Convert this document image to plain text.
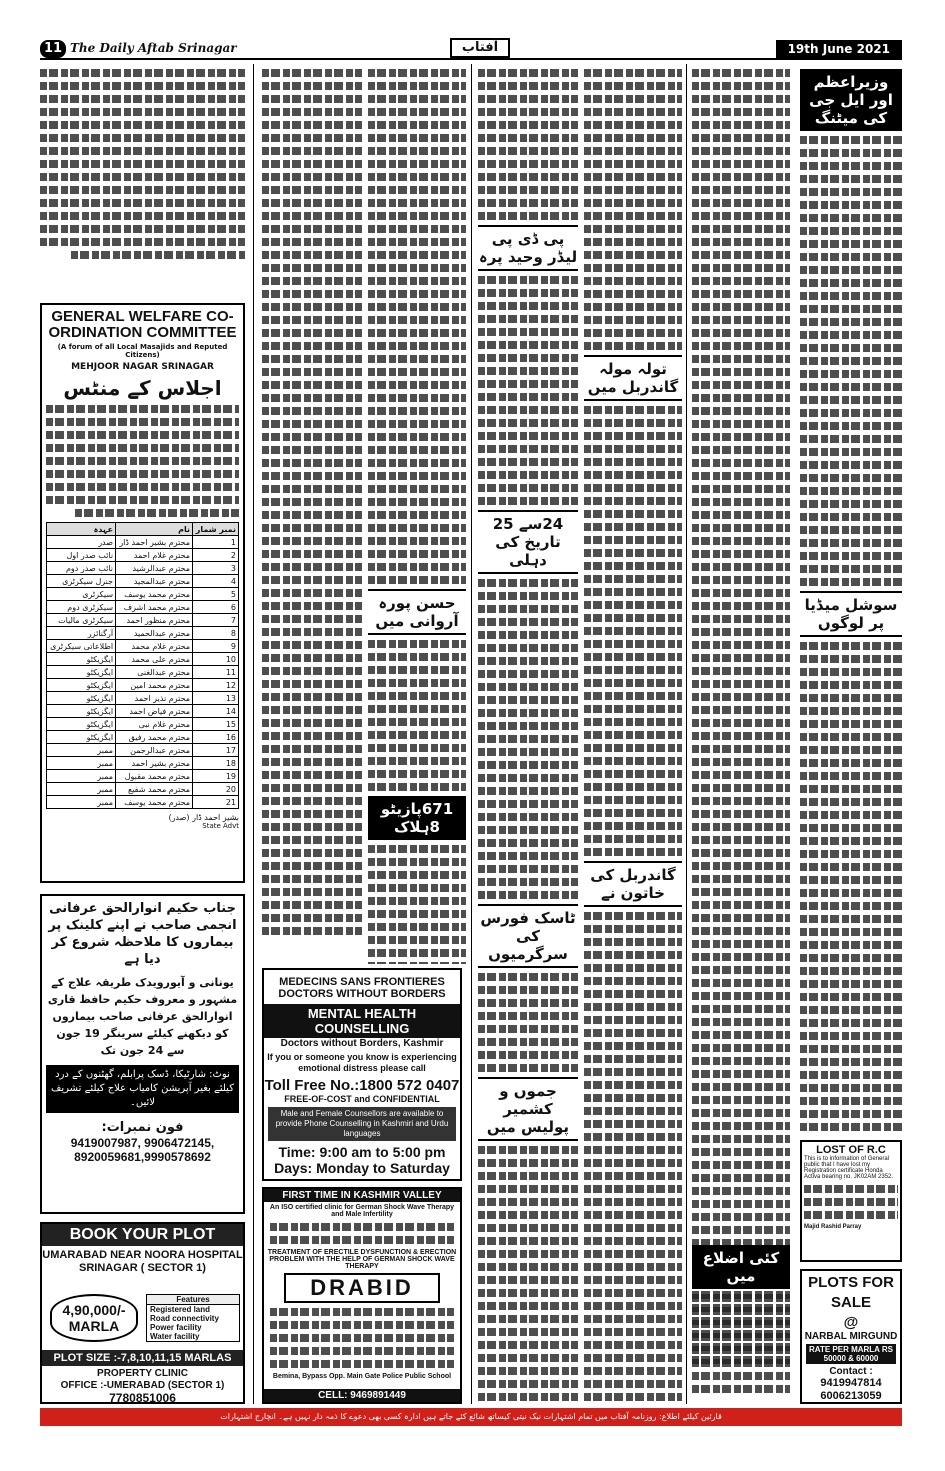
11 The Daily Aftab Srinagar	آفتاب	19th June 2021
GENERAL WELFARE CO-ORDINATION COMMITTEE
(A forum of all Local Masajids and Reputed Citizens)
MEHJOOR NAGAR SRINAGAR
اجلاس کے منٹس
نمبر شمار	نام	عہدہ
1	محترم بشیر احمد ڈار	صدر
2	محترم غلام احمد	نائب صدر اول
3	محترم عبدالرشید	نائب صدر دوم
4	محترم عبدالمجید	جنرل سیکرٹری
5	محترم محمد یوسف	سیکرٹری
6	محترم محمد اشرف	سیکرٹری دوم
7	محترم منظور احمد	سیکرٹری مالیات
8	محترم عبدالحمید	آرگنائزر
9	محترم غلام محمد	اطلاعاتی سیکرٹری
10	محترم علی محمد	ایگزیکٹو
11	محترم عبدالغنی	ایگزیکٹو
12	محترم محمد امین	ایگزیکٹو
13	محترم نذیر احمد	ایگزیکٹو
14	محترم فیاض احمد	ایگزیکٹو
15	محترم غلام نبی	ایگزیکٹو
16	محترم محمد رفیق	ایگزیکٹو
17	محترم عبدالرحمن	ممبر
18	محترم بشیر احمد	ممبر
19	محترم محمد مقبول	ممبر
20	محترم محمد شفیع	ممبر
21	محترم محمد یوسف	ممبر
بشیر احمد ڈار (صدر)
State Advt
جناب حکیم انوارالحق عرفانی انجمی صاحب نے اپنے کلینک پر بیماروں کا ملاحظہ شروع کر دیا ہے
یونانی و آیورویدک طریقہ علاج کے مشہور و معروف حکیم حافظ قاری انوارالحق عرفانی صاحب بیماروں کو دیکھنے کیلئے سرینگر 19 جون سے 24 جون تک
نوٹ: شارٹیکا، ڈسک پرابلم، گھٹنوں کے درد کیلئے بغیر آپریشن کامیاب علاج کیلئے تشریف لائیں۔
فون نمبرات:
9419007987, 9906472145, 8920059681,9990578692
BOOK YOUR PLOT
UMARABAD NEAR NOORA HOSPITAL SRINAGAR ( SECTOR 1)
4,90,000/-
MARLA
Features
Registered land
Road connectivity
Power facility
Water facility
PLOT SIZE :-7,8,10,11,15 MARLAS
PROPERTY CLINIC
OFFICE :-UMERABAD (SECTOR 1)
7780851006
حسن پورہ آروانی میں
671پازیٹو 8ہلاک
MEDECINS SANS FRONTIERES
DOCTORS WITHOUT BORDERS
MENTAL HEALTH COUNSELLING
Doctors without Borders, Kashmir
If you or someone you know is experiencing emotional distress please call
Toll Free No.:1800 572 0407
FREE-OF-COST and CONFIDENTIAL
Male and Female Counsellors are available to provide Phone Counselling in Kashmiri and Urdu languages
Time: 9:00 am to 5:00 pm
Days: Monday to Saturday
FIRST TIME IN KASHMIR VALLEY
An ISO certified clinic for German Shock Wave Therapy and Male Infertility
TREATMENT OF ERECTILE DYSFUNCTION & ERECTION PROBLEM WITH THE HELP OF GERMAN SHOCK WAVE THERAPY
DRABID
Bemina, Bypass Opp. Main Gate Police Public School
CELL: 9469891449
پی ڈی پی لیڈر وحید پرہ
24سے 25 تاریخ کی دہلی
ٹاسک فورس کی سرگرمیوں
جموں و کشمیر پولیس میں
تولہ مولہ گاندربل میں
گاندربل کی خاتون نے
وزیراعظم اور ایل جی کی میٹنگ
سوشل میڈیا پر لوگوں
کئی اضلاع میں
LOST OF R.C
This is to information of General public that I have lost my Registration certificate Honda Activa bearing no. JK02AM 2352.
Majid Rashid Parray
PLOTS FOR
SALE
@
NARBAL MIRGUND
RATE PER MARLA RS 50000 & 60000
Contact :
9419947814
6006213059
قارئین کیلئے اطلاع: روزنامہ آفتاب میں تمام اشتہارات نیک نیتی کیساتھ شائع کئے جاتے ہیں ادارہ کسی بھی دعوے کا ذمہ دار نہیں ہے۔ انچارج اشتہارات
